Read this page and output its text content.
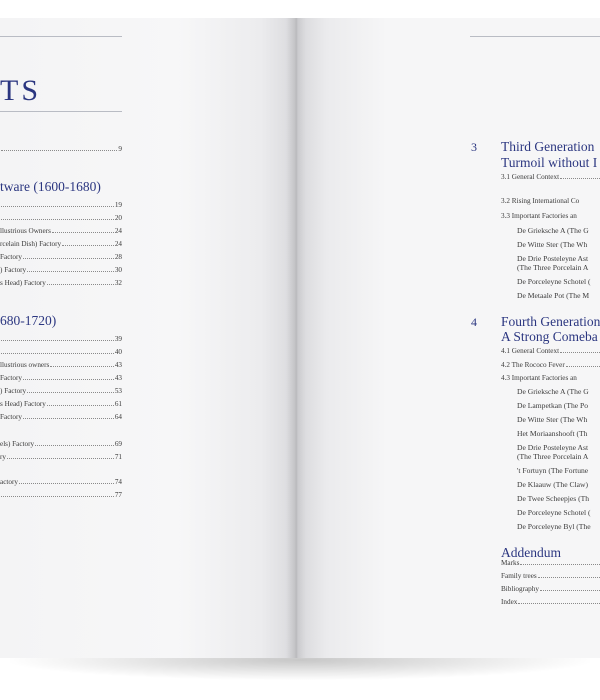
TS
9
tware (1600-1680)
19
20
llustrious Owners	24
rcelain Dish) Factory	24
Factory	28
) Factory	30
s Head) Factory	32
680-1720)
39
40
llustrious owners	43
Factory	43
) Factory	53
s Head) Factory	61
Factory	64
els) Factory	69
ry	71
actory	74
77
3 Third Generation
Turmoil without I
3.1 General Context
3.2 Rising International Co
3.3 Important Factories an
De Grieksche A (The G
De Witte Ster (The Wh
De Drie Posteleyne Ast
(The Three Porcelain A
De Porceleyne Schotel (
De Metaale Pot (The M
4 Fourth Generation
A Strong Comeba
4.1 General Context
4.2 The Rococo Fever
4.3 Important Factories an
De Grieksche A (The G
De Lampetkan (The Po
De Witte Ster (The Wh
Het Moriaanshooft (Th
De Drie Posteleyne Ast
(The Three Porcelain A
't Fortuyn (The Fortune
De Klaauw (The Claw)
De Twee Scheepjes (Th
De Porceleyne Schotel (
De Porceleyne Byl (The
Addendum
Marks
Family trees
Bibliography
Index
